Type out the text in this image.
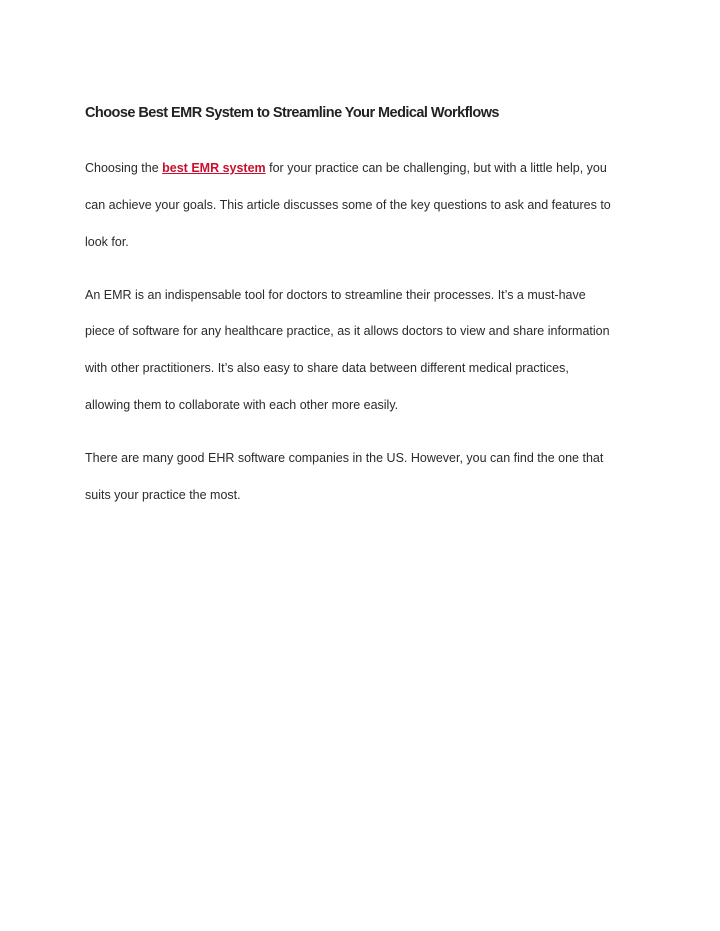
Choose Best EMR System to Streamline Your Medical Workflows

Choosing the best EMR system for your practice can be challenging, but with a little help, you

can achieve your goals. This article discusses some of the key questions to ask and features to

look for.

An EMR is an indispensable tool for doctors to streamline their processes. It’s a must-have

piece of software for any healthcare practice, as it allows doctors to view and share information

with other practitioners. It’s also easy to share data between different medical practices,

allowing them to collaborate with each other more easily.

There are many good EHR software companies in the US. However, you can find the one that

suits your practice the most.
